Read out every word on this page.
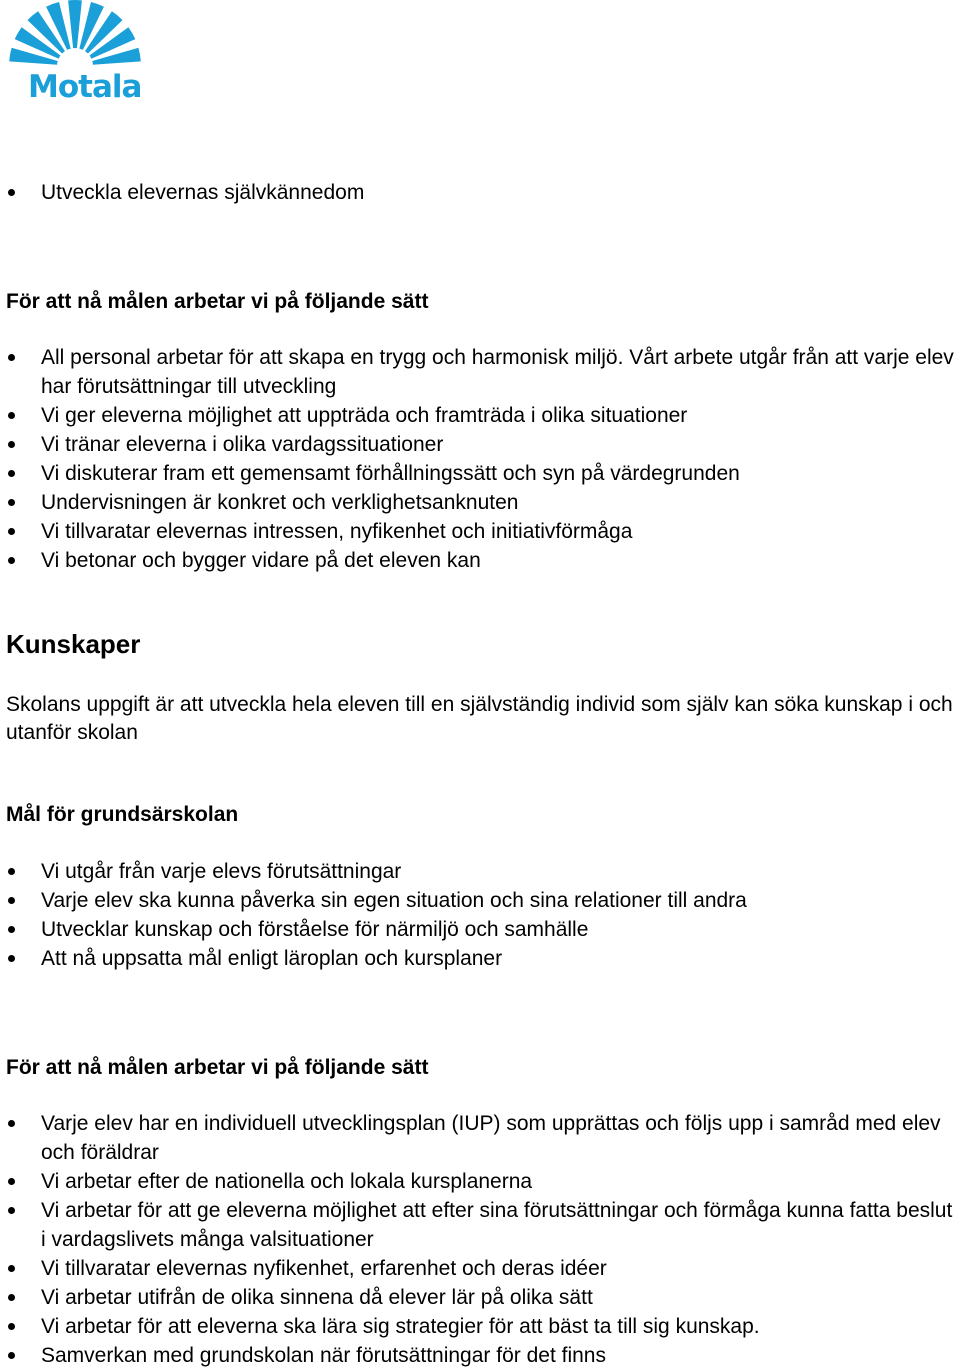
Motala
Utveckla elevernas självkännedom
För att nå målen arbetar vi på följande sätt
All personal arbetar för att skapa en trygg och harmonisk miljö. Vårt arbete utgår från att varje elev har förutsättningar till utveckling
Vi ger eleverna möjlighet att uppträda och framträda i olika situationer
Vi tränar eleverna i olika vardagssituationer
Vi diskuterar fram ett gemensamt förhållningssätt och syn på värdegrunden
Undervisningen är konkret och verklighetsanknuten
Vi tillvaratar elevernas intressen, nyfikenhet och initiativförmåga
Vi betonar och bygger vidare på det eleven kan
Kunskaper
Skolans uppgift är att utveckla hela eleven till en självständig individ som själv kan söka kunskap i och utanför skolan
Mål för grundsärskolan
Vi utgår från varje elevs förutsättningar
Varje elev ska kunna påverka sin egen situation och sina relationer till andra
Utvecklar kunskap och förståelse för närmiljö och samhälle
Att nå uppsatta mål enligt läroplan och kursplaner
För att nå målen arbetar vi på följande sätt
Varje elev har en individuell utvecklingsplan (IUP) som upprättas och följs upp i samråd med elev och föräldrar
Vi arbetar efter de nationella och lokala kursplanerna
Vi arbetar för att ge eleverna möjlighet att efter sina förutsättningar och förmåga kunna fatta beslut i vardagslivets många valsituationer
Vi tillvaratar elevernas nyfikenhet, erfarenhet och deras idéer
Vi arbetar utifrån de olika sinnena då elever lär på olika sätt
Vi arbetar för att eleverna ska lära sig strategier för att bäst ta till sig kunskap.
Samverkan med grundskolan när förutsättningar för det finns
